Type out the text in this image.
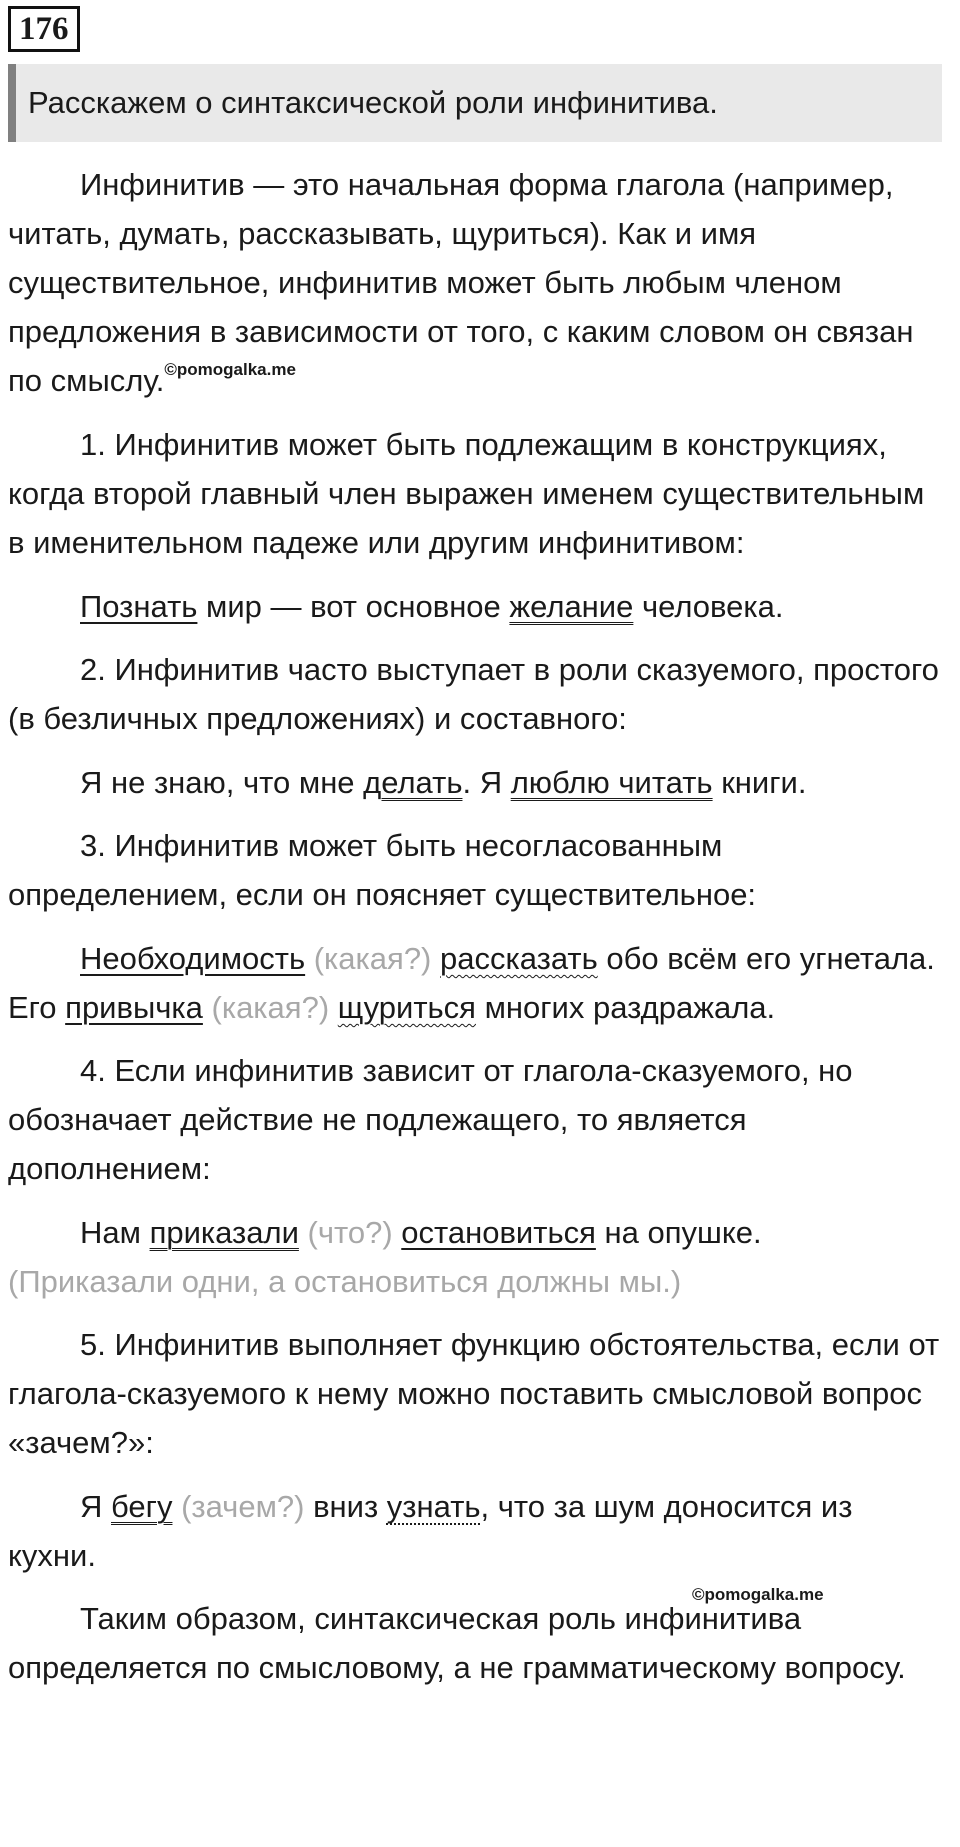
176
Расскажем о синтаксической роли инфинитива.

Инфинитив — это начальная форма глагола (например, читать, думать, рассказывать, щуриться). Как и имя существительное, инфинитив может быть любым членом предложения в зависимости от того, с каким словом он связан по смыслу.$^{©pomogalka.me}$

1. Инфинитив может быть подлежащим в конструкциях, когда второй главный член выражен именем существительным в именительном падеже или другим инфинитивом:

Познать мир — вот основное желание человека.

2. Инфинитив часто выступает в роли сказуемого, простого (в безличных предложениях) и составного:

Я не знаю, что мне делать. Я люблю читать книги.

3. Инфинитив может быть несогласованным определением, если он поясняет существительное:

Необходимость (какая?) рассказать обо всём его угнетала. Его привычка (какая?) щуриться многих раздражала.

4. Если инфинитив зависит от глагола-сказуемого, но обозначает действие не подлежащего, то является дополнением:

Нам приказали (что?) остановиться на опушке.
(Приказали одни, а остановиться должны мы.)

5. Инфинитив выполняет функцию обстоятельства, если от глагола-сказуемого к нему можно поставить смысловой вопрос «зачем?»:

Я бегу (зачем?) вниз узнать, что за шум доносится из кухни.

Таким образом, синтаксическая роль инфинитива определяется по смысловому, а не грамматическому вопросу.

©pomogalka.me
